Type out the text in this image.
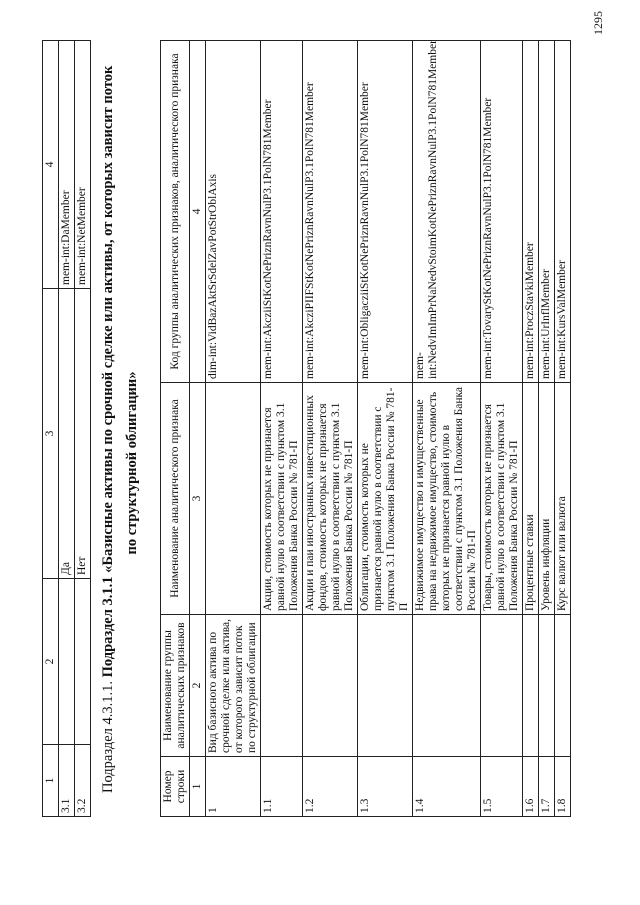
1	2	3	4
3.1		Да	mem-int:DaMember
3.2		Нет	mem-int:NetMember
Подраздел 4.3.1.1. Подраздел 3.1.1 «Базисные активы по срочной сделке или активы, от которых зависит поток по структурной облигации»
Номер строки	Наименование группы аналитических признаков	Наименование аналитического признака	Код группы аналитических признаков, аналитического признака
1	2	3	4
1	Вид базисного актива по срочной сделке или актива, от которого зависит поток по структурной облигации		dim-int:VidBazAktSrSdelZavPotStrOblAxis
1.1		Акции, стоимость которых не признается равной нулю в соответствии с пунктом 3.1 Положения Банка России № 781-П	mem-int:AkcziiStKotNePriznRavnNulP3.1PolN781Member
1.2		Акции и паи иностранных инвестиционных фондов, стоимость которых не признается равной нулю в соответствии с пунктом 3.1 Положения Банка России № 781-П	mem-int:AkcziPIIFStKotNePriznRavnNulP3.1PolN781Member
1.3		Облигации, стоимость которых не признается равной нулю в соответствии с пунктом 3.1 Положения Банка России № 781-П	mem-int:ObligacziiStKotNePriznRavnNulP3.1PolN781Member
1.4		Недвижимое имущество и имущественные права на недвижимое имущество, стоимость которых не признается равной нулю в соответствии с пунктом 3.1 Положения Банка России № 781-П	mem-int:NedvImImPrNaNedvStoimKotNePriznRavnNulP3.1PolN781Member
1.5		Товары, стоимость которых не признается равной нулю в соответствии с пунктом 3.1 Положения Банка России № 781-П	mem-int:TovaryStKotNePriznRavnNulP3.1PolN781Member
1.6		Процентные ставки	mem-int:ProczStavkiMember
1.7		Уровень инфляции	mem-int:UrInflMember
1.8		Курс валют или валюта	mem-int:KursValMember
1295
